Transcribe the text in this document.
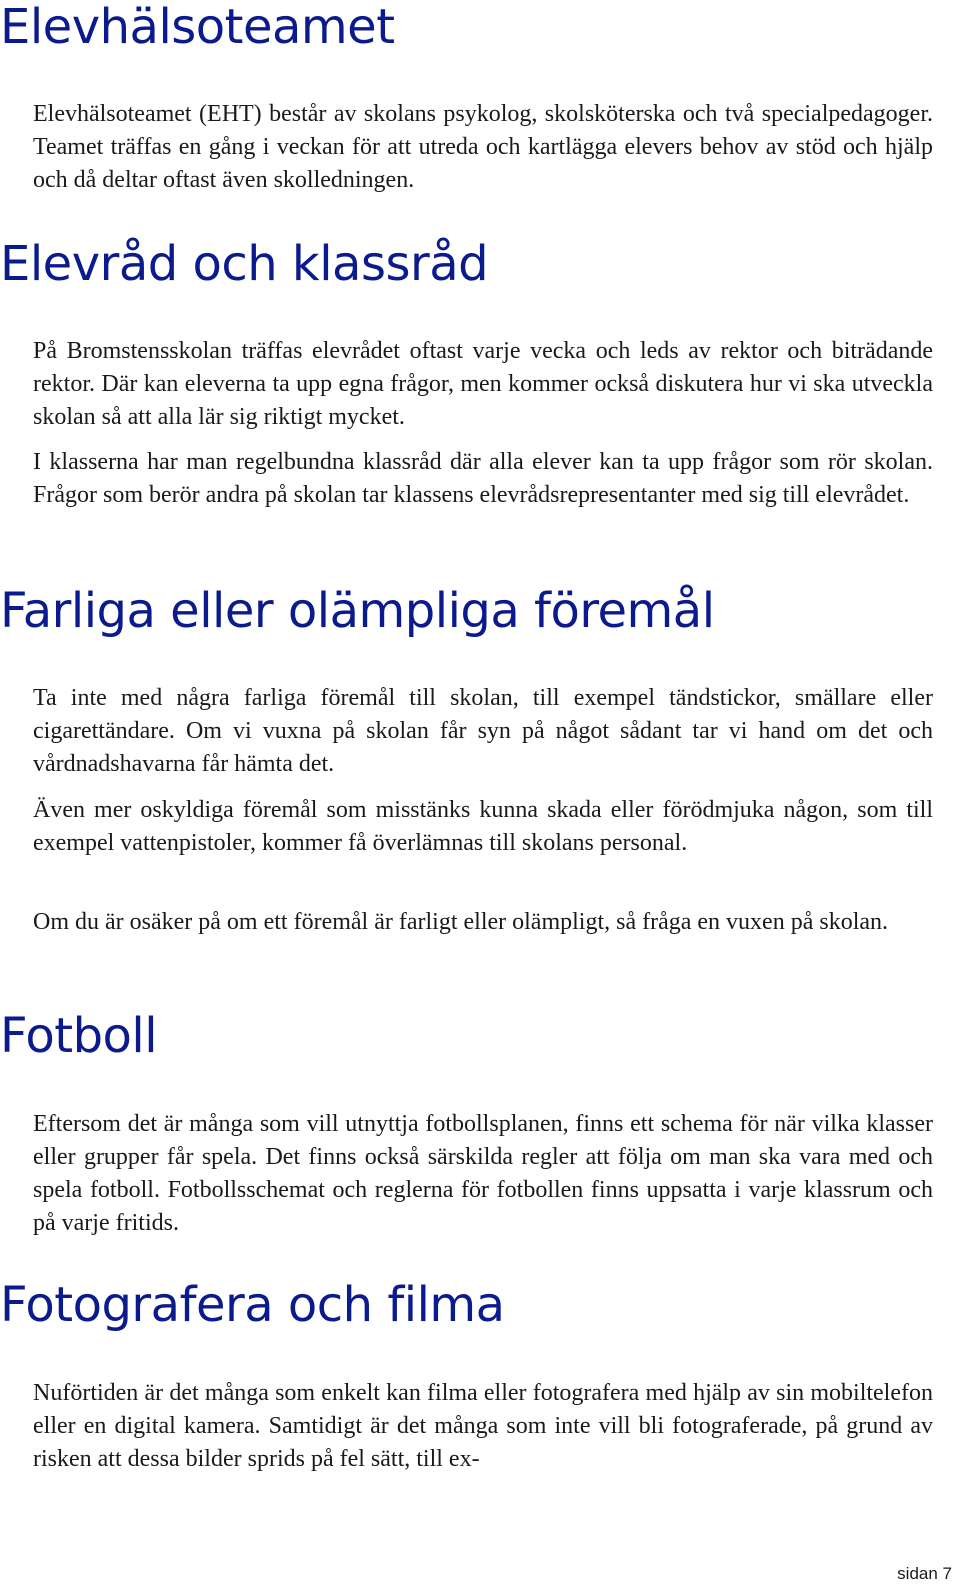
Elevhälsoteamet

Elevhälsoteamet (EHT) består av skolans psykolog, skolsköterska och två specialpedagoger. Teamet träffas en gång i veckan för att utreda och kartlägga elevers behov av stöd och hjälp och då deltar oftast även skolledningen.

Elevråd och klassråd

På Bromstensskolan träffas elevrådet oftast varje vecka och leds av rektor och biträdande rektor. Där kan eleverna ta upp egna frågor, men kommer också diskutera hur vi ska utveckla skolan så att alla lär sig riktigt mycket.

I klasserna har man regelbundna klassråd där alla elever kan ta upp frågor som rör skolan. Frågor som berör andra på skolan tar klassens elevrådsrepresentanter med sig till elevrådet.

Farliga eller olämpliga föremål

Ta inte med några farliga föremål till skolan, till exempel tändstickor, smällare eller cigarettändare. Om vi vuxna på skolan får syn på något sådant tar vi hand om det och vårdnadshavarna får hämta det.

Även mer oskyldiga föremål som misstänks kunna skada eller förödmjuka någon, som till exempel vattenpistoler, kommer få överlämnas till skolans personal.

Om du är osäker på om ett föremål är farligt eller olämpligt, så fråga en vuxen på skolan.

Fotboll

Eftersom det är många som vill utnyttja fotbollsplanen, finns ett schema för när vilka klasser eller grupper får spela. Det finns också särskilda regler att följa om man ska vara med och spela fotboll. Fotbollsschemat och reglerna för fotbollen finns uppsatta i varje klassrum och på varje fritids.

Fotografera och filma

Nuförtiden är det många som enkelt kan filma eller fotografera med hjälp av sin mobiltelefon eller en digital kamera. Samtidigt är det många som inte vill bli fotograferade, på grund av risken att dessa bilder sprids på fel sätt, till ex-

sidan 7
